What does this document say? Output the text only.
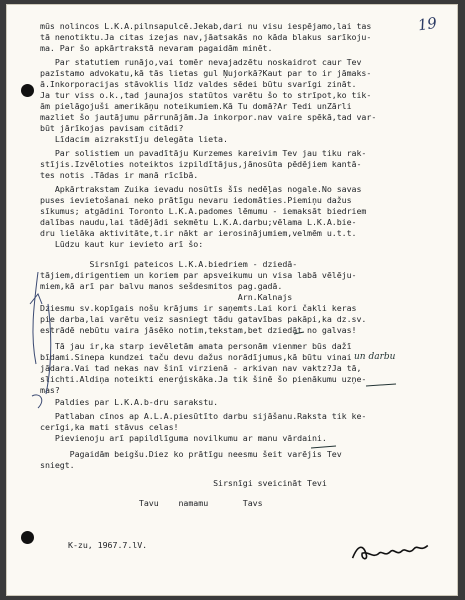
19
mūs nolincos L.K.A.pilnsapulcē.Jekab,dari nu visu iespējamo,lai tas
tā nenotiktu.Ja citas izejas nav,jāatsakās no kāda blakus sarīkoju-
ma. Par šo apkārtrakstā nevaram pagaidām minēt.
Par statutiem runājo,vai tomēr nevajadzētu noskaidrot caur Tev
pazīstamo advokatu,kā tās lietas gul Ņujorkā?Kaut par to ir jāmaks-
ā.Inkorporacijas stāvoklis līdz valdes sēdei būtu svarīgi zināt.
Ja tur viss o.k.,tad jaunajos statūtos varētu šo to strīpot,ko tik-
ām pielāgojuši amerikāņu noteikumiem.Kā Tu domā?Ar Tedi unZārli
mazliet šo jautājumu pārrunājām.Ja inkorpor.nav vaire spēkā,tad var-
būt jārīkojas pavisam citādi?
Līdacim aizrakstīju delegāta lieta.
Par solistiem un pavadītāju Kurzemes kareivim Tev jau tiku rak-
stījis.Izvēloties noteiktos izpildītājus,jānosūta pēdējiem kantā-
tes notis .Tādas ir manā rīcībā.
Apkārtrakstam Zuika ievadu nosūtīs šīs nedēļas nogale.No savas
puses ievietošanai neko prātīgu nevaru iedomāties.Piemiņu dažus
sīkumus; atgādini Toronto L.K.A.padomes lēmumu - iemaksāt biedriem
dalības naudu,lai tādējādi sekmētu L.K.A.darbu;vēlama L.K.A.bie-
dru lielāka aktivitāte,t.ir nākt ar ierosinājumiem,velmēm u.t.t.
Lūdzu kaut kur ievieto arī šo:
Sirsnīgi pateicos L.K.A.biedriem - dziedā-
tājiem,dirigentiem un koriem par apsveikumu un visa labā vēlēju-
miem,kā arī par balvu manos sešdesmitos pag.gadā.
Arn.Kalnajs
Dziesmu sv.kopīgais nošu krājums ir saņemts.Lai kori čakli keras
pie darba,lai varētu veiz sasniegt tādu gatavības pakāpi,ka dz.sv.
estrādē nebūtu vaira jāsēko notim,tekstam,bet dziedāt no galvas!
Tā jau ir,ka starp ievēletām amata personām vienmer būs dažī
bīdami.Sinepa kundzei taču devu dažus norādījumus,kā būtu vinai
jādara.Vai tad nekas nav šinī virzienā - arkivan nav vaktz?Ja tā,
slichti.Aldiņa noteikti enerģiskāka.Ja tik šinē šo pienākumu uzņe-
mas?
Paldies par L.K.A.b-dru sarakstu.
Patlaban cīnos ap A.L.A.piesūtīto darbu sijāšanu.Raksta tik ke-
cerīgi,ka mati stāvus celas!
Pievienoju arī papildlīguma novilkumu ar manu vārdaini.
Pagaidām beigšu.Diez ko prātīgu neesmu šeit varējis Tev
sniegt.
Sirsnīgi sveicināt Tevi
Tavu    namamu       Tavs
K-zu, 1967.7.lV.
un darbu
